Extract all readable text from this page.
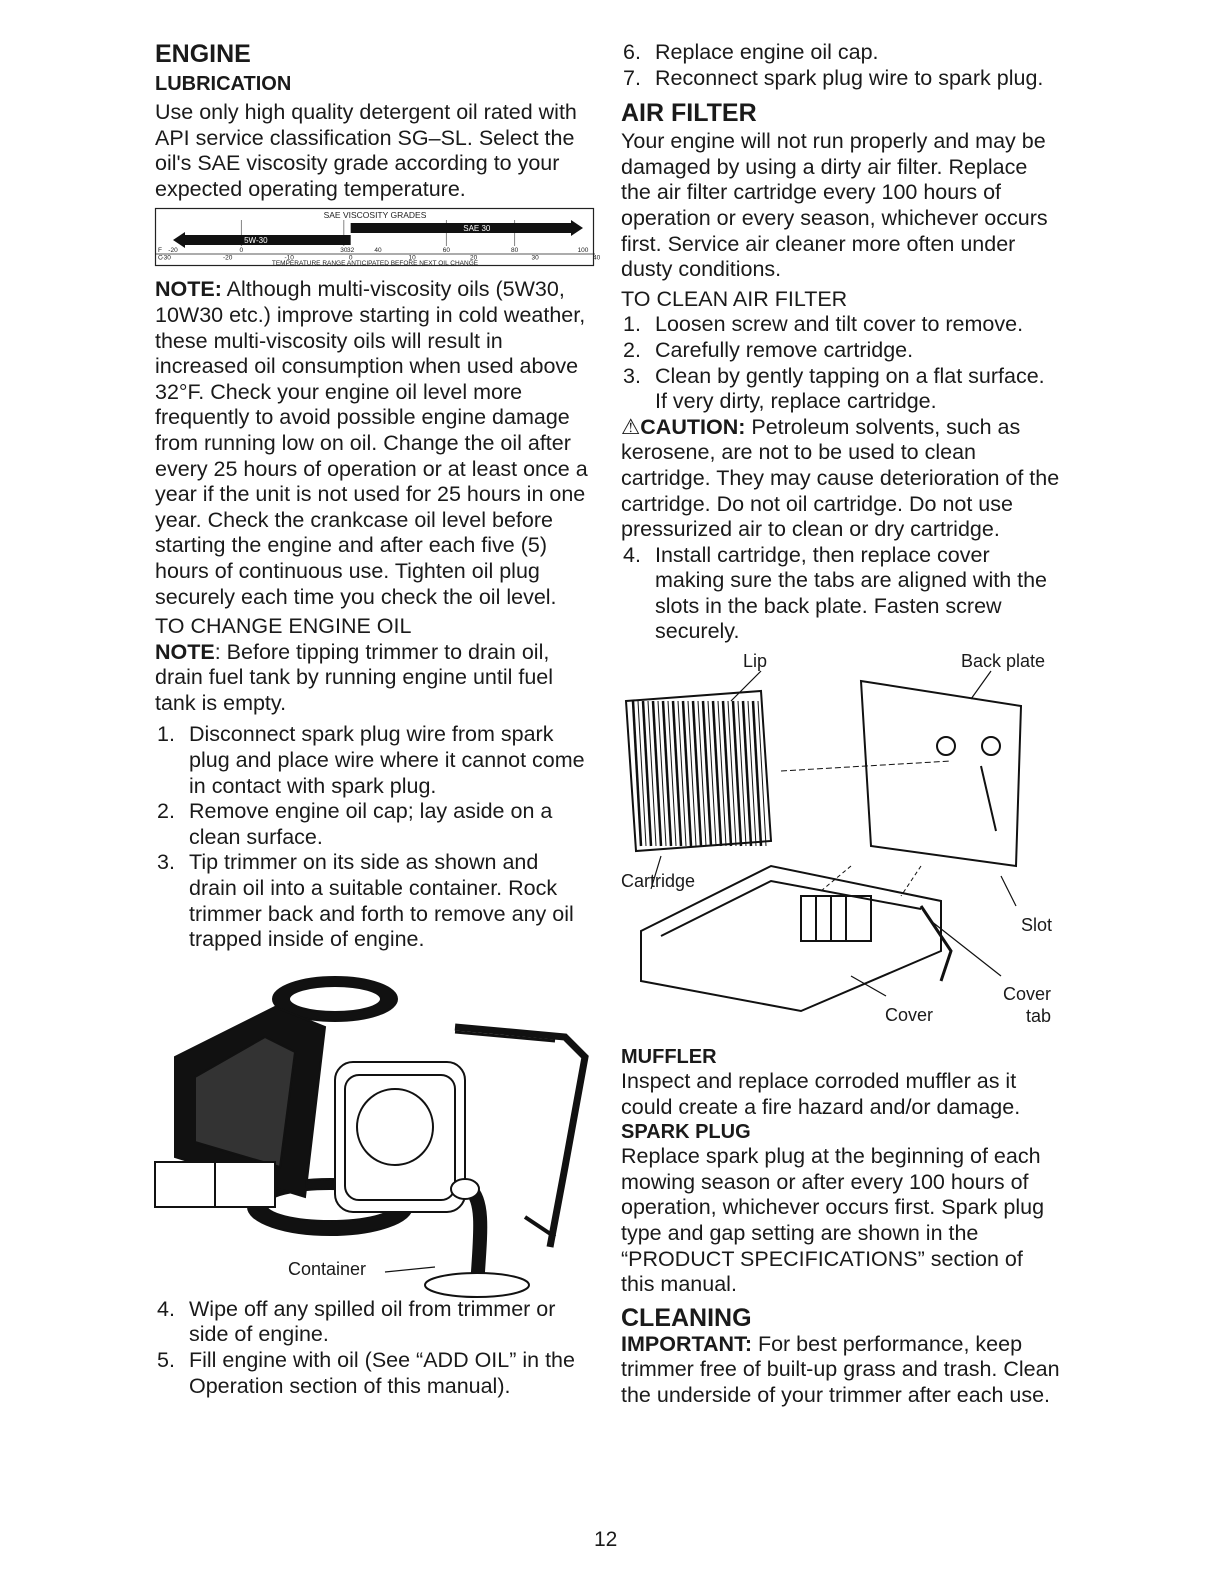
ENGINE
LUBRICATION

Use only high quality detergent oil rated with API service classification SG–SL. Select the oil's SAE viscosity grade according to your expected operating temperature.

SAE VISCOSITY GRADES
SAE 30
5W-30
F -20	0	30 32	40	60	80	100
C
-30	-20	-10	0	10	20	30	40
TEMPERATURE RANGE ANTICIPATED BEFORE NEXT OIL CHANGE

NOTE: Although multi-viscosity oils (5W30, 10W30 etc.) improve starting in cold weather, these multi-viscosity oils will result in increased oil consumption when used above 32°F. Check your engine oil level more frequently to avoid possible engine damage from running low on oil. Change the oil after every 25 hours of operation or at least once a year if the unit is not used for 25 hours in one year. Check the crankcase oil level before starting the engine and after each five (5) hours of continuous use. Tighten oil plug securely each time you check the oil level.

TO CHANGE ENGINE OIL

NOTE: Before tipping trimmer to drain oil, drain fuel tank by running engine until fuel tank is empty.

1. Disconnect spark plug wire from spark plug and place wire where it cannot come in contact with spark plug.
2. Remove engine oil cap; lay aside on a clean surface.
3. Tip trimmer on its side as shown and drain oil into a suitable container. Rock trimmer back and forth to remove any oil trapped inside of engine.
Container
4. Wipe off any spilled oil from trimmer or side of engine.
5. Fill engine with oil (See “ADD OIL” in the Operation section of this manual).
6. Replace engine oil cap.
7. Reconnect spark plug wire to spark plug.
AIR FILTER

Your engine will not run properly and may be damaged by using a dirty air filter. Replace the air filter cartridge every 100 hours of operation or every season, whichever occurs first. Service air cleaner more often under dusty conditions.

TO CLEAN AIR FILTER
1. Loosen screw and tilt cover to remove.
2. Carefully remove cartridge.
3. Clean by gently tapping on a flat surface. If very dirty, replace cartridge.

⚠CAUTION: Petroleum solvents, such as kerosene, are not to be used to clean cartridge. They may cause deterioration of the cartridge. Do not oil cartridge. Do not use pressurized air to clean or dry cartridge.

4. Install cartridge, then replace cover making sure the tabs are aligned with the slots in the back plate. Fasten screw securely.
Lip	Back plate
Cartridge
Slot
Cover
Cover
tab
MUFFLER

Inspect and replace corroded muffler as it could create a fire hazard and/or damage.

SPARK PLUG

Replace spark plug at the beginning of each mowing season or after every 100 hours of operation, whichever occurs first. Spark plug type and gap setting are shown in the “PRODUCT SPECIFICATIONS” section of this manual.

CLEANING

IMPORTANT: For best performance, keep trimmer free of built-up grass and trash. Clean the underside of your trimmer after each use.

12
